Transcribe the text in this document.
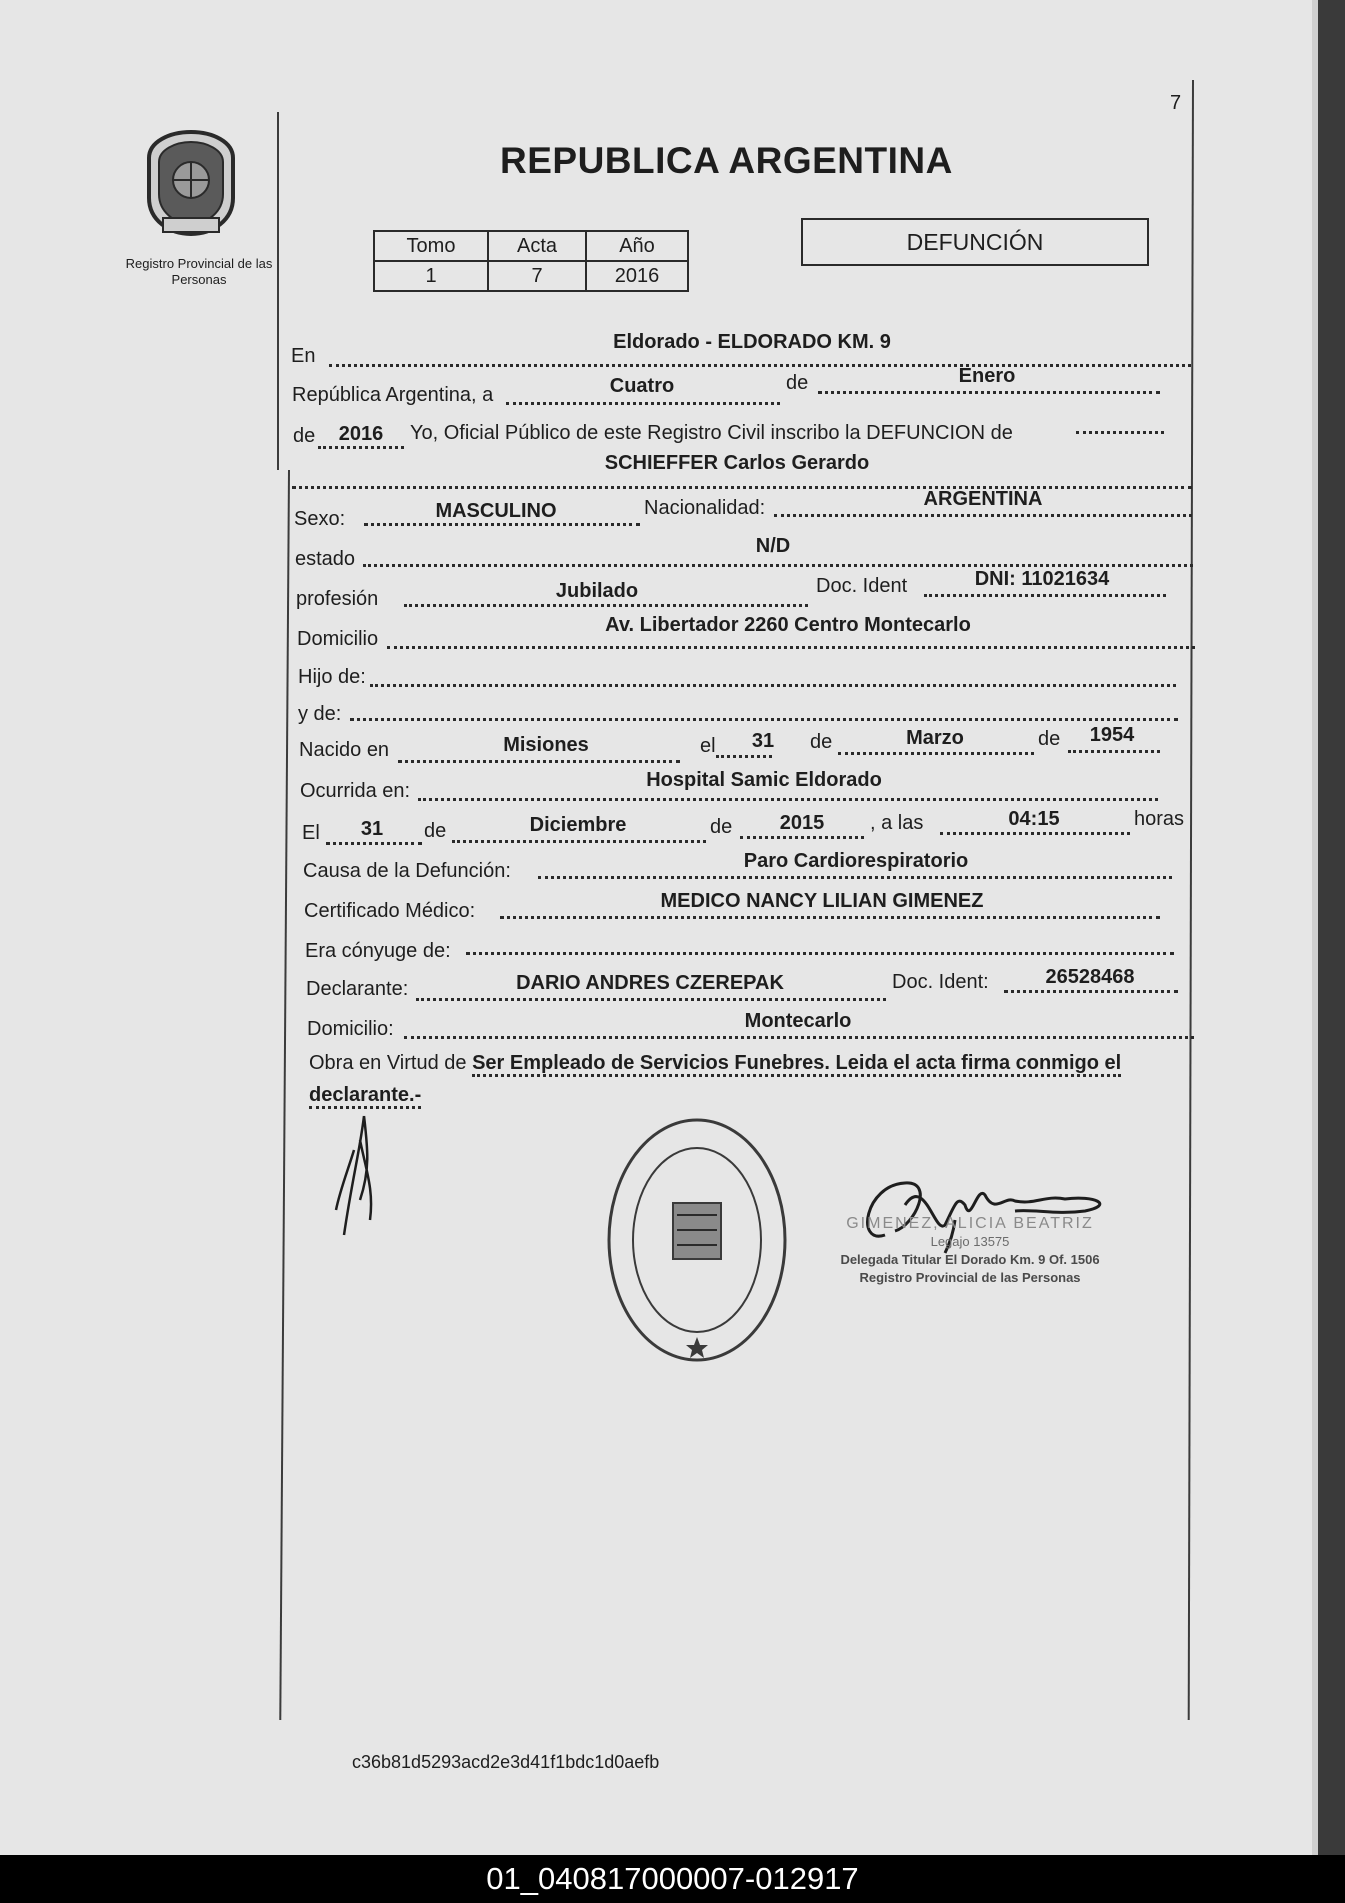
7
Registro Provincial de las Personas
REPUBLICA ARGENTINA
Tomo	Acta	Año
1	7	2016
DEFUNCIÓN
En
Eldorado - ELDORADO KM. 9
República Argentina, a	Cuatro	de	Enero
de 2016 Yo, Oficial Público de este Registro Civil inscribo la DEFUNCION de
SCHIEFFER Carlos Gerardo
Sexo:	MASCULINO	Nacionalidad:	ARGENTINA
estado
N/D
profesión	Jubilado	Doc. Ident	DNI: 11021634
Domicilio
Av. Libertador 2260 Centro Montecarlo
Hijo de:
y de:
Nacido en	Misiones	el 31 de	Marzo	de 1954
Ocurrida en:	Hospital Samic Eldorado
El 31 de	Diciembre	de 2015 , a las	04:15	horas
Causa de la Defunción:	Paro Cardiorespiratorio
Certificado Médico:	MEDICO NANCY LILIAN GIMENEZ
Era cónyuge de:
Declarante:	DARIO ANDRES CZEREPAK	Doc. Ident:	26528468
Domicilio:	Montecarlo
Obra en Virtud de Ser Empleado de Servicios Funebres. Leida el acta firma conmigo el declarante.-
GIMENEZ, ALICIA BEATRIZ
Legajo 13575
Delegada Titular El Dorado Km. 9 Of. 1506
Registro Provincial de las Personas
c36b81d5293acd2e3d41f1bdc1d0aefb
01_040817000007-012917
